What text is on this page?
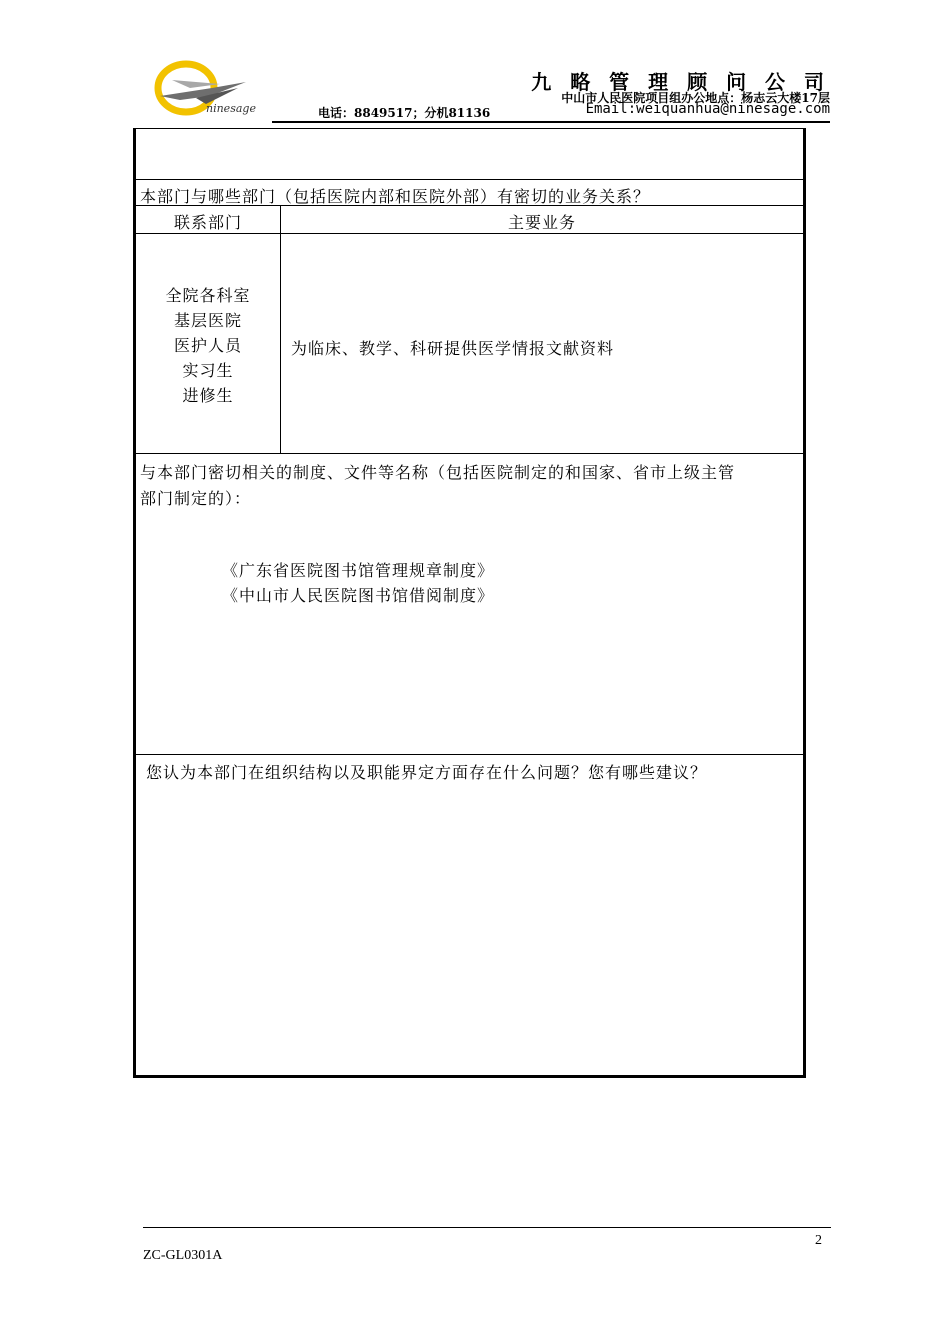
ninesage
九 略 管 理 顾 问 公 司
中山市人民医院项目组办公地点：杨志云大楼17层
电话：8849517；分机81136	Email:weiquanhua@ninesage.com
本部门与哪些部门（包括医院内部和医院外部）有密切的业务关系？
联系部门	主要业务
全院各科室
基层医院
医护人员
实习生
进修生
为临床、教学、科研提供医学情报文献资料
与本部门密切相关的制度、文件等名称（包括医院制定的和国家、省市上级主管
部门制定的）：
《广东省医院图书馆管理规章制度》
《中山市人民医院图书馆借阅制度》
您认为本部门在组织结构以及职能界定方面存在什么问题？您有哪些建议？
2
ZC-GL0301A
